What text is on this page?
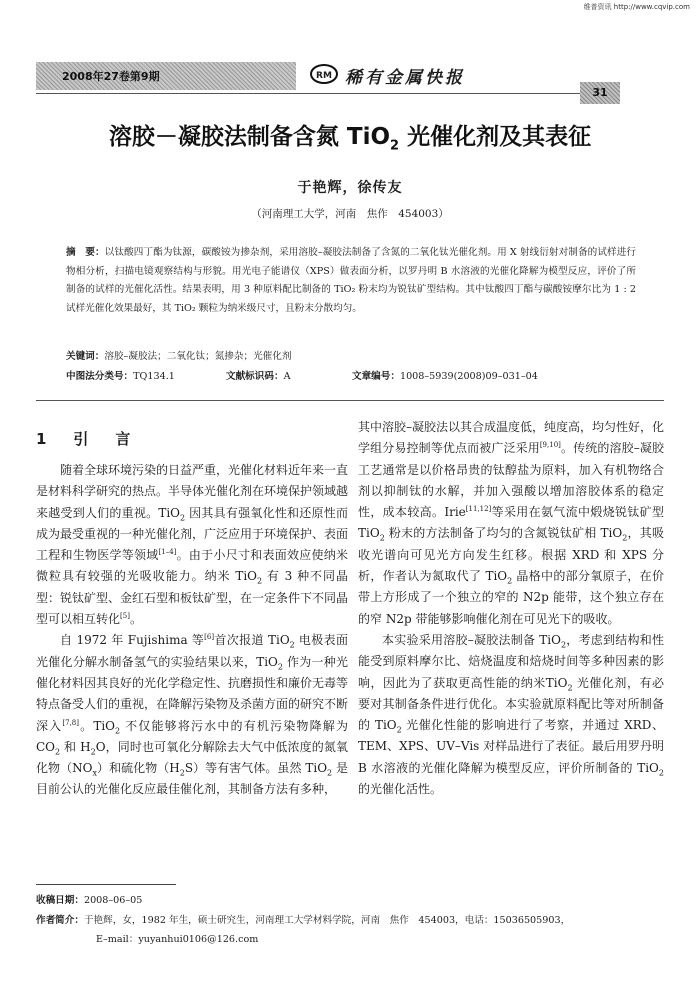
维普资讯 http://www.cqvip.com
2008年27卷第9期	RM 稀有金属快报
31
溶胶－凝胶法制备含氮 TiO$_2$ 光催化剂及其表征
于艳辉，徐传友
（河南理工大学，河南　焦作　454003）
摘　要：以钛酸四丁酯为钛源，碳酸铵为掺杂剂，采用溶胶–凝胶法制备了含氮的二氧化钛光催化剂。用 X 射线衍射对制备的试样进行物相分析，扫描电镜观察结构与形貌。用光电子能谱仪（XPS）做表面分析，以罗丹明 B 水溶液的光催化降解为模型反应，评价了所制备的试样的光催化活性。结果表明，用 3 种原料配比制备的 TiO₂ 粉末均为锐钛矿型结构。其中钛酸四丁酯与碳酸铵摩尔比为 1 : 2 试样光催化效果最好，其 TiO₂ 颗粒为纳米级尺寸，且粉末分散均匀。
关键词：溶胶–凝胶法；二氧化钛；氮掺杂；光催化剂
中图法分类号：TQ134.1	文献标识码：A	文章编号：1008–5939(2008)09–031–04
1　引　言

随着全球环境污染的日益严重，光催化材料近年来一直是材料科学研究的热点。半导体光催化剂在环境保护领域越来越受到人们的重视。TiO$_2$ 因其具有强氧化性和还原性而成为最受重视的一种光催化剂，广泛应用于环境保护、表面工程和生物医学等领域[1–4]。由于小尺寸和表面效应使纳米微粒具有较强的光吸收能力。纳米 TiO$_2$ 有 3 种不同晶型：锐钛矿型、金红石型和板钛矿型，在一定条件下不同晶型可以相互转化[5]。

自 1972 年 Fujishima 等[6]首次报道 TiO$_2$ 电极表面光催化分解水制备氢气的实验结果以来，TiO$_2$ 作为一种光催化材料因其良好的光化学稳定性、抗磨损性和廉价无毒等特点备受人们的重视，在降解污染物及杀菌方面的研究不断深入[7,8]。TiO$_2$ 不仅能够将污水中的有机污染物降解为 $CO_2$ 和 $H_2O$，同时也可氧化分解除去大气中低浓度的氮氧化物$(NO_x)$和硫化物$(H_2S)$等有害气体。虽然 TiO$_2$ 是目前公认的光催化反应最佳催化剂，其制备方法有多种，

其中溶胶–凝胶法以其合成温度低，纯度高，均匀性好，化学组分易控制等优点而被广泛采用[9,10]。传统的溶胶–凝胶工艺通常是以价格昂贵的钛醇盐为原料，加入有机物络合剂以抑制钛的水解，并加入强酸以增加溶胶体系的稳定性，成本较高。Irie[11,12]等采用在氨气流中煅烧锐钛矿型 TiO$_2$ 粉末的方法制备了均匀的含氮锐钛矿相 TiO$_2$，其吸收光谱向可见光方向发生红移。根据 XRD 和 XPS 分析，作者认为氮取代了 TiO$_2$ 晶格中的部分氧原子，在价带上方形成了一个独立的窄的 N2p 能带，这个独立存在的窄 N2p 带能够影响催化剂在可见光下的吸收。

本实验采用溶胶–凝胶法制备 TiO$_2$，考虑到结构和性能受到原料摩尔比、焙烧温度和焙烧时间等多种因素的影响，因此为了获取更高性能的纳米TiO$_2$ 光催化剂，有必要对其制备条件进行优化。本实验就原料配比等对所制备的 TiO$_2$ 光催化性能的影响进行了考察，并通过 XRD、TEM、XPS、UV–Vis 对样品进行了表征。最后用罗丹明 B 水溶液的光催化降解为模型反应，评价所制备的 TiO$_2$ 的光催化活性。

收稿日期：2008–06–05
作者简介：于艳辉，女，1982 年生，硕士研究生，河南理工大学材料学院，河南　焦作　454003，电话：15036505903，
E–mail：yuyanhui0106@126.com
